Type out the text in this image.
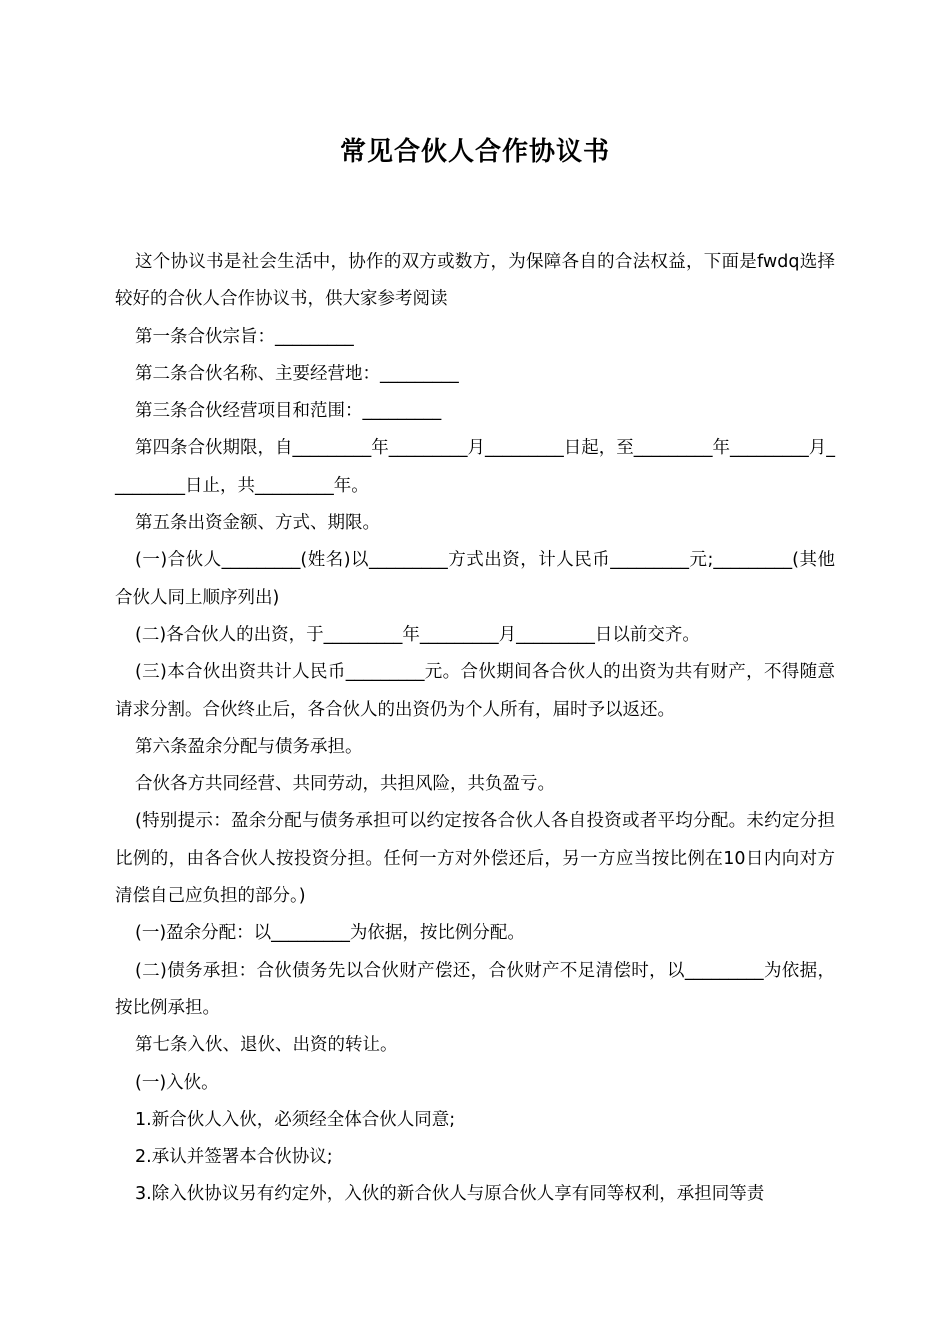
常见合伙人合作协议书

这个协议书是社会生活中，协作的双方或数方，为保障各自的合法权益，下面是fwdq选择较好的合伙人合作协议书，供大家参考阅读

第一条合伙宗旨：_________

第二条合伙名称、主要经营地：_________

第三条合伙经营项目和范围：_________

第四条合伙期限，自_________年_________月_________日起，至_________年_________月_________日止，共_________年。

第五条出资金额、方式、期限。

(一)合伙人_________(姓名)以_________方式出资，计人民币_________元;_________(其他合伙人同上顺序列出)

(二)各合伙人的出资，于_________年_________月_________日以前交齐。

(三)本合伙出资共计人民币_________元。合伙期间各合伙人的出资为共有财产，不得随意请求分割。合伙终止后，各合伙人的出资仍为个人所有，届时予以返还。

第六条盈余分配与债务承担。

合伙各方共同经营、共同劳动，共担风险，共负盈亏。

(特别提示：盈余分配与债务承担可以约定按各合伙人各自投资或者平均分配。未约定分担比例的，由各合伙人按投资分担。任何一方对外偿还后，另一方应当按比例在10日内向对方清偿自己应负担的部分。)

(一)盈余分配：以_________为依据，按比例分配。

(二)债务承担：合伙债务先以合伙财产偿还，合伙财产不足清偿时，以_________为依据，按比例承担。

第七条入伙、退伙、出资的转让。

(一)入伙。

1.新合伙人入伙，必须经全体合伙人同意;

2.承认并签署本合伙协议;

3.除入伙协议另有约定外，入伙的新合伙人与原合伙人享有同等权利，承担同等责
